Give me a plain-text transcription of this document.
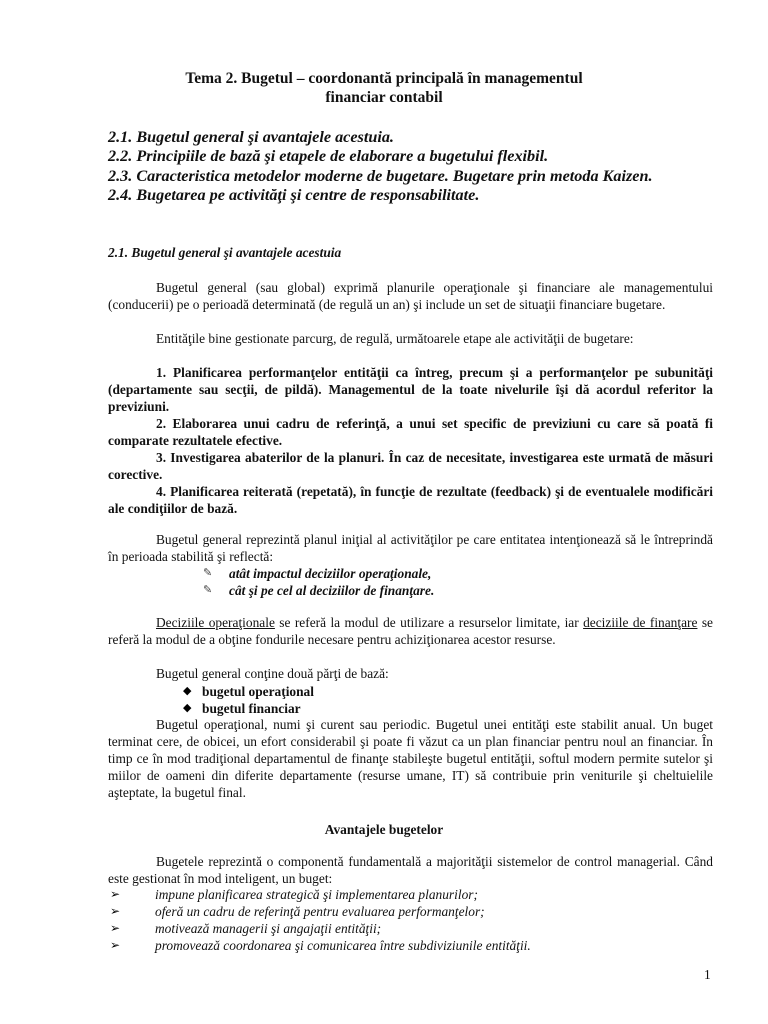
Tema 2. Bugetul – coordonantă principală în managementul
financiar contabil

2.1. Bugetul general şi avantajele acestuia.

2.2. Principiile de bază şi etapele de elaborare a bugetului flexibil.

2.3. Caracteristica metodelor moderne de bugetare. Bugetare prin metoda Kaizen.

2.4. Bugetarea pe activităţi şi centre de responsabilitate.

2.1. Bugetul general şi avantajele acestuia
Bugetul general (sau global) exprimă planurile operaţionale şi financiare ale managementului (conducerii) pe o perioadă determinată (de regulă un an) şi include un set de situaţii financiare bugetare.
Entităţile bine gestionate parcurg, de regulă, următoarele etape ale activităţii de bugetare:
1. Planificarea performanţelor entităţii ca întreg, precum şi a performanţelor pe subunităţi (departamente sau secţii, de pildă). Managementul de la toate nivelurile îşi dă acordul referitor la previziuni.
2. Elaborarea unui cadru de referinţă, a unui set specific de previziuni cu care să poată fi comparate rezultatele efective.
3. Investigarea abaterilor de la planuri. În caz de necesitate, investigarea este urmată de măsuri corective.
4. Planificarea reiterată (repetată), în funcţie de rezultate (feedback) şi de eventualele modificări ale condiţiilor de bază.
Bugetul general reprezintă planul iniţial al activităţilor pe care entitatea intenţionează să le întreprindă în perioada stabilită şi reflectă:
✎	atât impactul deciziilor operaţionale,
✎	cât şi pe cel al deciziilor de finanţare.
Deciziile operaţionale se referă la modul de utilizare a resurselor limitate, iar deciziile de finanţare se referă la modul de a obţine fondurile necesare pentru achiziţionarea acestor resurse.
Bugetul general conţine două părţi de bază:
◆ bugetul operaţional
◆ bugetul financiar
Bugetul operaţional, numi şi curent sau periodic. Bugetul unei entităţi este stabilit anual. Un buget terminat cere, de obicei, un efort considerabil şi poate fi văzut ca un plan financiar pentru noul an financiar. În timp ce în mod tradiţional departamentul de finanţe stabileşte bugetul entităţii, softul modern permite sutelor şi miilor de oameni din diferite departamente (resurse umane, IT) să contribuie prin veniturile şi cheltuielile aşteptate, la bugetul final.
Avantajele bugetelor
Bugetele reprezintă o componentă fundamentală a majorităţii sistemelor de control managerial. Când este gestionat în mod inteligent, un buget:
➢	impune planificarea strategică şi implementarea planurilor;
➢	oferă un cadru de referinţă pentru evaluarea performanţelor;
➢	motivează managerii şi angajaţii entităţii;
➢	promovează coordonarea şi comunicarea între subdiviziunile entităţii.
1
